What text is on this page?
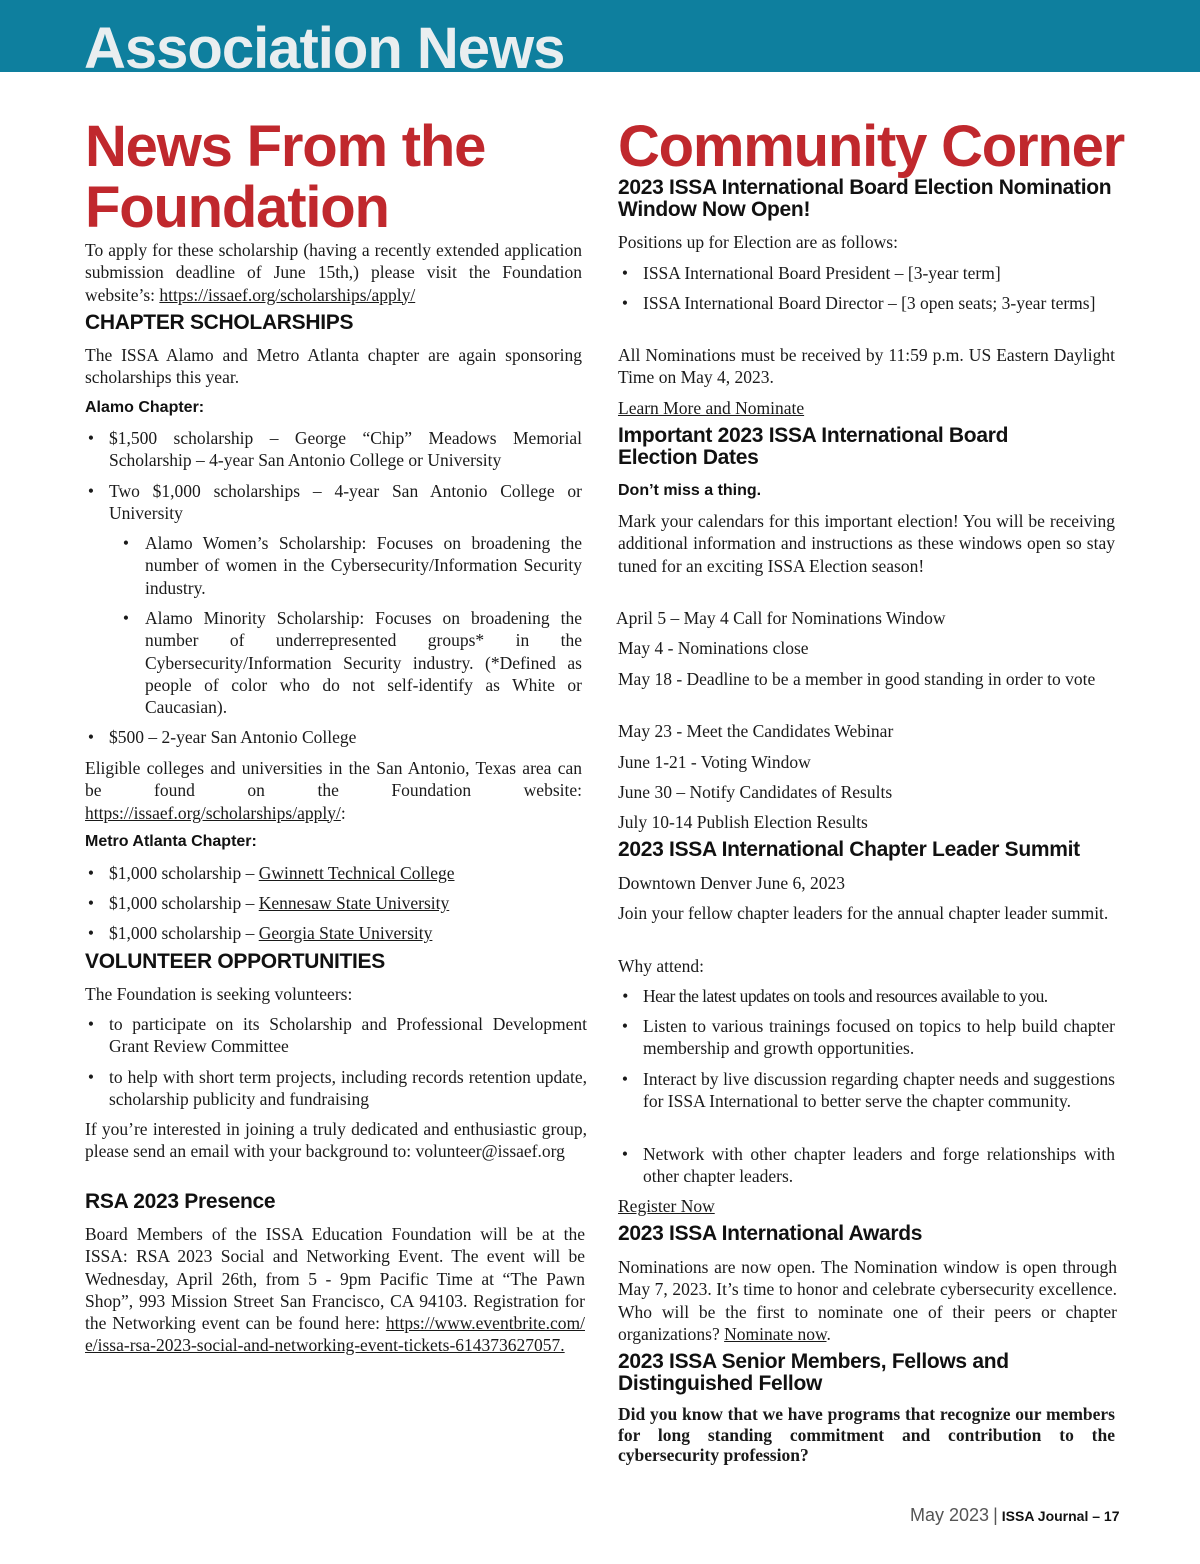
Association News
News From the
Foundation

To apply for these scholarship (having a recently extended application submission deadline of June 15th,) please visit the Foundation website’s: https://issaef.org/scholarships/apply/

CHAPTER SCHOLARSHIPS

The ISSA Alamo and Metro Atlanta chapter are again sponsoring scholarships this year.

Alamo Chapter:
• $1,500 scholarship – George “Chip” Meadows Memorial Scholarship – 4-year San Antonio College or University
• Two $1,000 scholarships – 4-year San Antonio College or University
• Alamo Women’s Scholarship: Focuses on broadening the number of women in the Cybersecurity/Information Security industry.
• Alamo Minority Scholarship: Focuses on broadening the number of underrepresented groups* in the Cybersecurity/Information Security industry. (*Defined as people of color who do not self-identify as White or Caucasian).
• $500 – 2-year San Antonio College

Eligible colleges and universities in the San Antonio, Texas area can be found on the Foundation website: https://issaef.org/scholarships/apply/:

Metro Atlanta Chapter:
• $1,000 scholarship – Gwinnett Technical College
• $1,000 scholarship – Kennesaw State University
• $1,000 scholarship – Georgia State University
VOLUNTEER OPPORTUNITIES

The Foundation is seeking volunteers:

• to participate on its Scholarship and Professional Development Grant Review Committee
• to help with short term projects, including records retention update, scholarship publicity and fundraising

If you’re interested in joining a truly dedicated and enthusiastic group, please send an email with your background to: volunteer@issaef.org

RSA 2023 Presence

Board Members of the ISSA Education Foundation will be at the ISSA: RSA 2023 Social and Networking Event. The event will be Wednesday, April 26th, from 5 - 9pm Pacific Time at “The Pawn Shop”, 993 Mission Street San Francisco, CA 94103. Registration for the Networking event can be found here: https://www.eventbrite.com/e/issa-rsa-2023-social-and-networking-event-tickets-614373627057.

Community Corner
2023 ISSA International Board Election Nomination Window Now Open!

Positions up for Election are as follows:

• ISSA International Board President – [3-year term]
• ISSA International Board Director – [3 open seats; 3-year terms]

All Nominations must be received by 11:59 p.m. US Eastern Daylight Time on May 4, 2023.

Learn More and Nominate
Important 2023 ISSA International Board Election Dates
Don’t miss a thing.

Mark your calendars for this important election! You will be receiving additional information and instructions as these windows open so stay tuned for an exciting ISSA Election season!

April 5 – May 4 Call for Nominations Window

May 4 - Nominations close

May 18 - Deadline to be a member in good standing in order to vote

May 23 - Meet the Candidates Webinar

June 1-21 - Voting Window

June 30 – Notify Candidates of Results

July 10-14 Publish Election Results

2023 ISSA International Chapter Leader Summit

Downtown Denver June 6, 2023

Join your fellow chapter leaders for the annual chapter leader summit.

Why attend:

• Hear the latest updates on tools and resources available to you.
• Listen to various trainings focused on topics to help build chapter membership and growth opportunities.
• Interact by live discussion regarding chapter needs and suggestions for ISSA International to better serve the chapter community.
• Network with other chapter leaders and forge relationships with other chapter leaders.
Register Now
2023 ISSA International Awards

Nominations are now open. The Nomination window is open through May 7, 2023. It’s time to honor and celebrate cybersecurity excellence. Who will be the first to nominate one of their peers or chapter organizations? Nominate now.

2023 ISSA Senior Members, Fellows and Distinguished Fellow

Did you know that we have programs that recognize our members for long standing commitment and contribution to the cybersecurity profession?

May 2023 | ISSA Journal – 17
